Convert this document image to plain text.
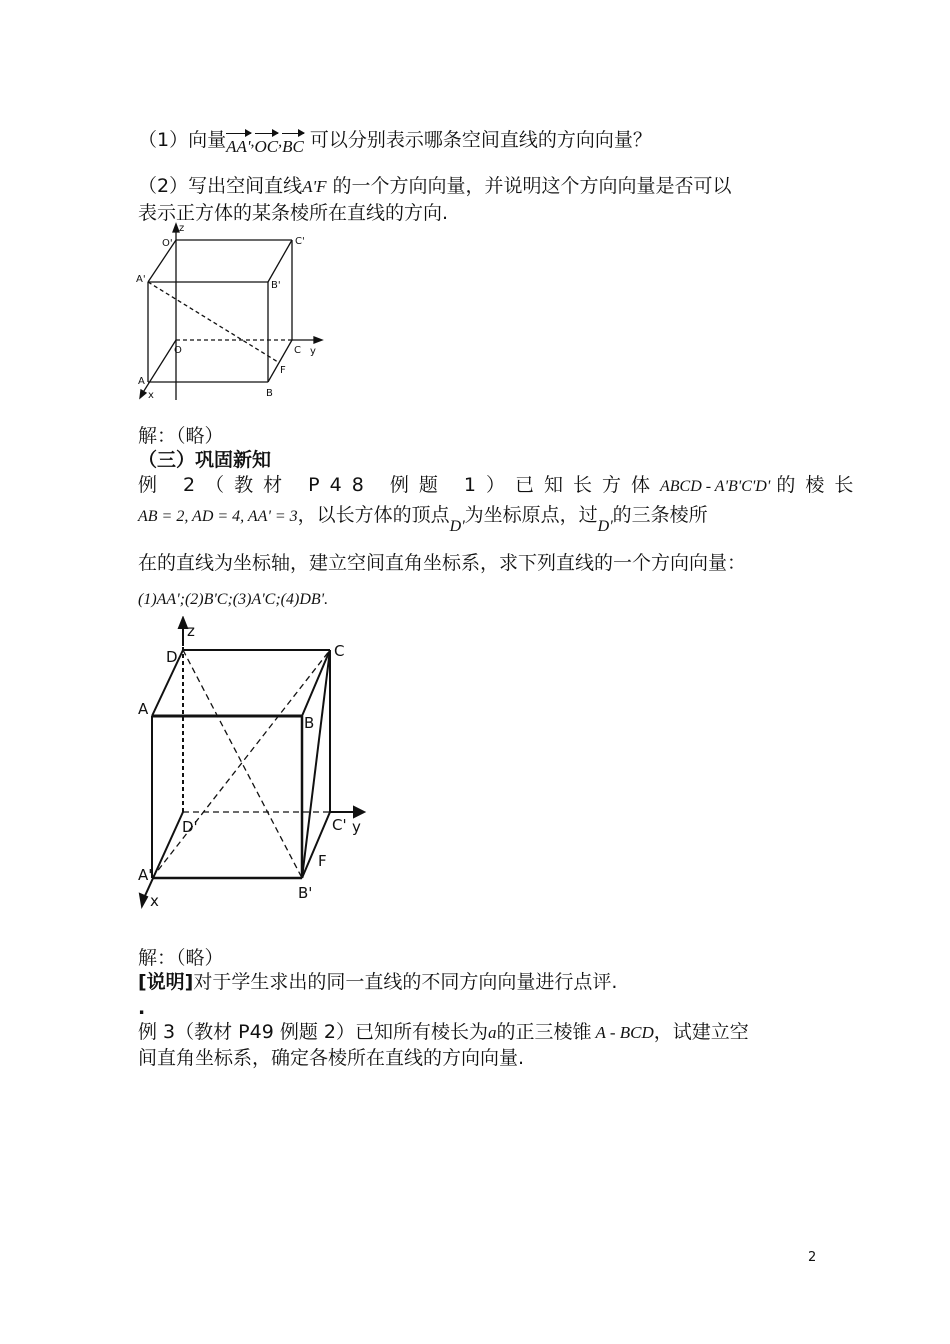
（1）向量AA',OC,BC 可以分别表示哪条空间直线的方向向量？
（2）写出空间直线A'F 的一个方向向量，并说明这个方向向量是否可以
表示正方体的某条棱所在直线的方向.
z
O'	C'
A'
B'
O	C y
F
A
B
x
解：（略）
（三）巩固新知
例 2（教材 P48 例题 1）已知长方体ABCD - A'B'C'D' 的棱长
AB = 2, AD = 4, AA' = 3，以长方体的顶点$_{D'}$为坐标原点，过$_{D'}$的三条棱所
在的直线为坐标轴，建立空间直角坐标系，求下列直线的一个方向向量：
(1)AA';(2)B'C;(3)A'C;(4)DB'.
z
D	C
A
B
D'	C' y
F
A'
B'
x
解：（略）
[说明]对于学生求出的同一直线的不同方向向量进行点评.
.
例 3（教材 P49 例题 2）已知所有棱长为a的正三棱锥 A - BCD，试建立空
间直角坐标系，确定各棱所在直线的方向向量.
2
